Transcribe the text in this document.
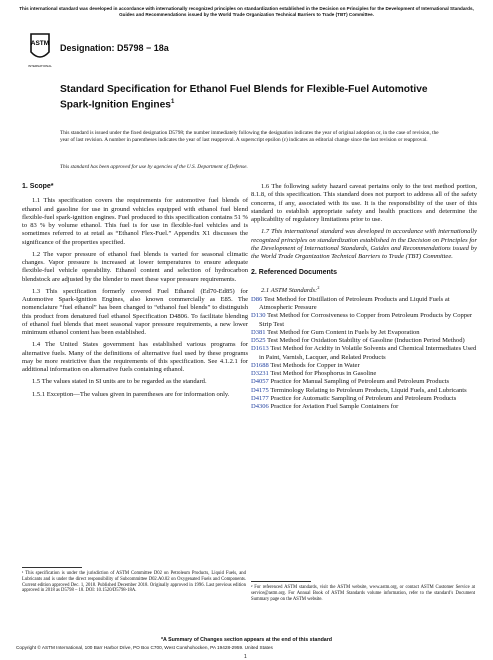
This international standard was developed in accordance with internationally recognized principles on standardization established in the Decision on Principles for the Development of International Standards, Guides and Recommendations issued by the World Trade Organization Technical Barriers to Trade (TBT) Committee.
ASTM
INTERNATIONAL
Designation: D5798 − 18a
Standard Specification for Ethanol Fuel Blends for Flexible-Fuel Automotive Spark-Ignition Engines$^1$
This standard is issued under the fixed designation D5798; the number immediately following the designation indicates the year of original adoption or, in the case of revision, the year of last revision. A number in parentheses indicates the year of last reapproval. A superscript epsilon (ε) indicates an editorial change since the last revision or reapproval.
This standard has been approved for use by agencies of the U.S. Department of Defense.
1. Scope*

1.1 This specification covers the requirements for automotive fuel blends of ethanol and gasoline for use in ground vehicles equipped with ethanol fuel blend flexible-fuel spark-ignition engines. Fuel produced to this specification contains 51 % to 83 % by volume ethanol. This fuel is for use in flexible-fuel vehicles and is sometimes referred to at retail as “Ethanol Flex-Fuel.” Appendix X1 discusses the significance of the properties specified.

1.2 The vapor pressure of ethanol fuel blends is varied for seasonal climatic changes. Vapor pressure is increased at lower temperatures to ensure adequate flexible-fuel vehicle operability. Ethanol content and selection of hydrocarbon blendstock are adjusted by the blender to meet these vapor pressure requirements.

1.3 This specification formerly covered Fuel Ethanol (Ed70-Ed85) for Automotive Spark-Ignition Engines, also known commercially as E85. The nomenclature “fuel ethanol” has been changed to “ethanol fuel blends” to distinguish this product from denatured fuel ethanol Specification D4806. To facilitate blending of ethanol fuel blends that meet seasonal vapor pressure requirements, a new lower minimum ethanol content has been established.

1.4 The United States government has established various programs for alternative fuels. Many of the definitions of alternative fuel used by these programs may be more restrictive than the requirements of this specification. See 4.1.2.1 for additional information on alternative fuels containing ethanol.

1.5 The values stated in SI units are to be regarded as the standard.

1.5.1 Exception—The values given in parentheses are for information only.

1.6 The following safety hazard caveat pertains only to the test method portion, 8.1.8, of this specification. This standard does not purport to address all of the safety concerns, if any, associated with its use. It is the responsibility of the user of this standard to establish appropriate safety and health practices and determine the applicability of regulatory limitations prior to use.

1.7 This international standard was developed in accordance with internationally recognized principles on standardization established in the Decision on Principles for the Development of International Standards, Guides and Recommendations issued by the World Trade Organization Technical Barriers to Trade (TBT) Committee.

2. Referenced Documents

2.1 ASTM Standards:$^2$

D86 Test Method for Distillation of Petroleum Products and Liquid Fuels at Atmospheric Pressure
D130 Test Method for Corrosiveness to Copper from Petroleum Products by Copper Strip Test
D381 Test Method for Gum Content in Fuels by Jet Evaporation
D525 Test Method for Oxidation Stability of Gasoline (Induction Period Method)
D1613 Test Method for Acidity in Volatile Solvents and Chemical Intermediates Used in Paint, Varnish, Lacquer, and Related Products
D1688 Test Methods for Copper in Water
D3231 Test Method for Phosphorus in Gasoline
D4057 Practice for Manual Sampling of Petroleum and Petroleum Products
D4175 Terminology Relating to Petroleum Products, Liquid Fuels, and Lubricants
D4177 Practice for Automatic Sampling of Petroleum and Petroleum Products
D4306 Practice for Aviation Fuel Sample Containers for
¹ This specification is under the jurisdiction of ASTM Committee D02 on Petroleum Products, Liquid Fuels, and Lubricants and is under the direct responsibility of Subcommittee D02.A0.02 on Oxygenated Fuels and Components. Current edition approved Dec. 1, 2018. Published December 2018. Originally approved in 1996. Last previous edition approved in 2018 as D5798 – 18. DOI: 10.1520/D5798-18A.
² For referenced ASTM standards, visit the ASTM website, www.astm.org, or contact ASTM Customer Service at service@astm.org. For Annual Book of ASTM Standards volume information, refer to the standard’s Document Summary page on the ASTM website.
*A Summary of Changes section appears at the end of this standard
Copyright © ASTM International, 100 Barr Harbor Drive, PO Box C700, West Conshohocken, PA 19428-2959. United States
1
